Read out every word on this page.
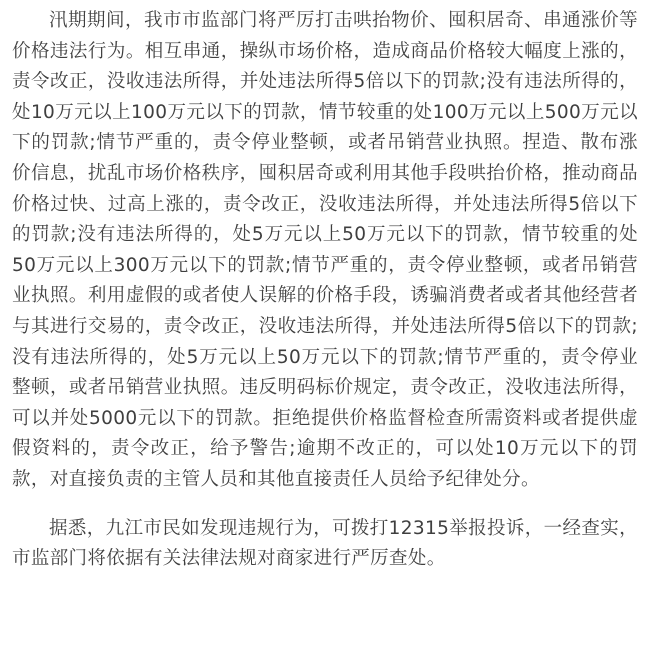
汛期期间，我市市监部门将严厉打击哄抬物价、囤积居奇、串通涨价等价格违法行为。相互串通，操纵市场价格，造成商品价格较大幅度上涨的，责令改正，没收违法所得，并处违法所得5倍以下的罚款;没有违法所得的，处10万元以上100万元以下的罚款，情节较重的处100万元以上500万元以下的罚款;情节严重的，责令停业整顿，或者吊销营业执照。捏造、散布涨价信息，扰乱市场价格秩序，囤积居奇或利用其他手段哄抬价格，推动商品价格过快、过高上涨的，责令改正，没收违法所得，并处违法所得5倍以下的罚款;没有违法所得的，处5万元以上50万元以下的罚款，情节较重的处50万元以上300万元以下的罚款;情节严重的，责令停业整顿，或者吊销营业执照。利用虚假的或者使人误解的价格手段，诱骗消费者或者其他经营者与其进行交易的，责令改正，没收违法所得，并处违法所得5倍以下的罚款;没有违法所得的，处5万元以上50万元以下的罚款;情节严重的，责令停业整顿，或者吊销营业执照。违反明码标价规定，责令改正，没收违法所得，可以并处5000元以下的罚款。拒绝提供价格监督检查所需资料或者提供虚假资料的，责令改正，给予警告;逾期不改正的，可以处10万元以下的罚款，对直接负责的主管人员和其他直接责任人员给予纪律处分。

据悉，九江市民如发现违规行为，可拨打12315举报投诉，一经查实，市监部门将依据有关法律法规对商家进行严厉查处。
